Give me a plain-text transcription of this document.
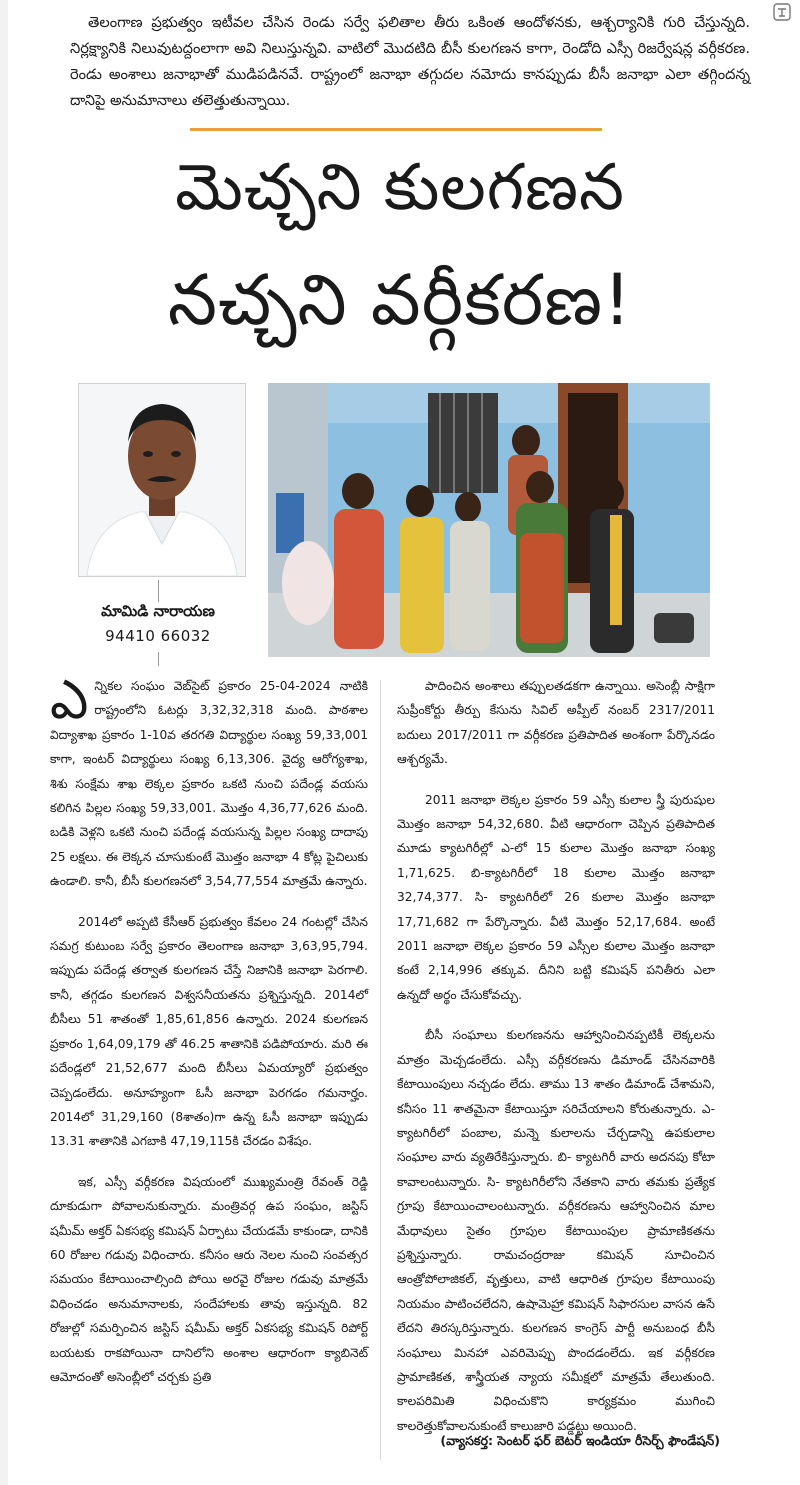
తెలంగాణ ప్రభుత్వం ఇటీవల చేసిన రెండు సర్వే ఫలితాల తీరు ఒకింత ఆందోళనకు, ఆశ్చర్యానికి గురి చేస్తున్నది. నిర్లక్ష్యానికి నిలువుటద్దంలాగా అవి నిలుస్తున్నవి. వాటిలో మొదటిది బీసీ కులగణన కాగా, రెండోది ఎస్సీ రిజర్వేషన్ల వర్గీకరణ. రెండు అంశాలు జనాభాతో ముడిపడినవే. రాష్ట్రంలో జనాభా తగ్గుదల నమోదు కానప్పుడు బీసీ జనాభా ఎలా తగ్గిందన్న దానిపై అనుమానాలు తలెత్తుతున్నాయి.

మెచ్చని కులగణన
నచ్చని వర్గీకరణ!

మామిడి నారాయణ

94410 66032

ఎన్నికల సంఘం వెబ్‌సైట్ ప్రకారం 25-04-2024 నాటికి రాష్ట్రంలోని ఓటర్లు 3,32,32,318 మంది. పాఠశాల విద్యాశాఖ ప్రకారం 1-10వ తరగతి విద్యార్థుల సంఖ్య 59,33,001 కాగా, ఇంటర్ విద్యార్థులు సంఖ్య 6,13,306. వైద్య ఆరోగ్యశాఖ, శిశు సంక్షేమ శాఖ లెక్కల ప్రకారం ఒకటి నుంచి పదేండ్ల వయసు కలిగిన పిల్లల సంఖ్య 59,33,001. మొత్తం 4,36,77,626 మంది. బడికి వెళ్లని ఒకటి నుంచి పదేండ్ల వయసున్న పిల్లల సంఖ్య దాదాపు 25 లక్షలు. ఈ లెక్కన చూసుకుంటే మొత్తం జనాభా 4 కోట్ల పైచిలుకు ఉండాలి. కానీ, బీసీ కులగణనలో 3,54,77,554 మాత్రమే ఉన్నారు.

2014లో అప్పటి కేసీఆర్ ప్రభుత్వం కేవలం 24 గంటల్లో చేసిన సమగ్ర కుటుంబ సర్వే ప్రకారం తెలంగాణ జనాభా 3,63,95,794. ఇప్పుడు పదేండ్ల తర్వాత కులగణన చేస్తే నిజానికి జనాభా పెరగాలి. కానీ, తగ్గడం కులగణన విశ్వసనీయతను ప్రశ్నిస్తున్నది. 2014లో బీసీలు 51 శాతంతో 1,85,61,856 ఉన్నారు. 2024 కులగణన ప్రకారం 1,64,09,179 తో 46.25 శాతానికి పడిపోయారు. మరి ఈ పదేండ్లలో 21,52,677 మంది బీసీలు ఏమయ్యారో ప్రభుత్వం చెప్పడంలేదు. అనూహ్యంగా ఓసీ జనాభా పెరగడం గమనార్హం. 2014లో 31,29,160 (8శాతం)గా ఉన్న ఓసీ జనాభా ఇప్పుడు 13.31 శాతానికి ఎగబాకి 47,19,115కి చేరడం విశేషం.

ఇక, ఎస్సీ వర్గీకరణ విషయంలో ముఖ్యమంత్రి రేవంత్ రెడ్డి దూకుడుగా పోవాలనుకున్నారు. మంత్రివర్గ ఉప సంఘం, జస్టిస్ షమీమ్ అక్తర్ ఏకసభ్య కమిషన్ ఏర్పాటు చేయడమే కాకుండా, దానికి 60 రోజుల గడువు విధించారు. కనీసం ఆరు నెలల నుంచి సంవత్సర సమయం కేటాయించాల్సింది పోయి అరవై రోజుల గడువు మాత్రమే విధించడం అనుమానాలకు, సందేహాలకు తావు ఇస్తున్నది. 82 రోజుల్లో సమర్పించిన జస్టిస్ షమీమ్ అక్తర్ ఏకసభ్య కమిషన్ రిపోర్ట్ బయటకు రాకపోయినా దానిలోని అంశాల ఆధారంగా క్యాబినెట్ ఆమోదంతో అసెంబ్లీలో చర్చకు ప్రతి

పాదించిన అంశాలు తప్పులతడకగా ఉన్నాయి. అసెంబ్లీ సాక్షిగా సుప్రీంకోర్టు తీర్పు కేసును సివిల్ అప్పీల్ నంబర్ 2317/2011 బదులు 2017/2011 గా వర్గీకరణ ప్రతిపాదిత అంశంగా పేర్కొనడం ఆశ్చర్యమే.

2011 జనాభా లెక్కల ప్రకారం 59 ఎస్సీ కులాల స్త్రీ పురుషుల మొత్తం జనాభా 54,32,680. వీటి ఆధారంగా చెప్పిన ప్రతిపాదిత మూడు క్యాటగిరీల్లో ఎ-లో 15 కులాల మొత్తం జనాభా సంఖ్య 1,71,625. బి-క్యాటగిరీలో 18 కులాల మొత్తం జనాభా 32,74,377. సి- క్యాటగిరీలో 26 కులాల మొత్తం జనాభా 17,71,682 గా పేర్కొన్నారు. వీటి మొత్తం 52,17,684. అంటే 2011 జనాభా లెక్కల ప్రకారం 59 ఎస్సీల కులాల మొత్తం జనాభా కంటే 2,14,996 తక్కువ. దీనిని బట్టి కమిషన్ పనితీరు ఎలా ఉన్నదో అర్థం చేసుకోవచ్చు.

బీసీ సంఘాలు కులగణనను ఆహ్వానించినప్పటికీ లెక్కలను మాత్రం మెచ్చడంలేదు. ఎస్సీ వర్గీకరణను డిమాండ్ చేసినవారికి కేటాయింపులు నచ్చడం లేదు. తాము 13 శాతం డిమాండ్ చేశామని, కనీసం 11 శాతమైనా కేటాయిస్తూ సరిచేయాలని కోరుతున్నారు. ఎ- క్యాటగిరీలో పంబాల, మన్నె కులాలను చేర్చడాన్ని ఉపకులాల సంఘాల వారు వ్యతిరేకిస్తున్నారు. బి- క్యాటగిరీ వారు అదనపు కోటా కావాలంటున్నారు. సి- క్యాటగిరీలోని నేతకాని వారు తమకు ప్రత్యేక గ్రూపు కేటాయించాలంటున్నారు. వర్గీకరణను ఆహ్వానించిన మాల మేధావులు సైతం గ్రూపుల కేటాయింపుల ప్రామాణికతను ప్రశ్నిస్తున్నారు. రామచంద్రరాజు కమిషన్ సూచించిన ఆంత్రోపోలాజికల్, వృత్తులు, వాటి ఆధారిత గ్రూపుల కేటాయింపు నియమం పాటించలేదని, ఉషామెహ్రా కమిషన్ సిఫారసుల వాసన ఉసే లేదని తిరస్కరిస్తున్నారు. కులగణన కాంగ్రెస్ పార్టీ అనుబంధ బీసీ సంఘాలు మినహా ఎవరిమెప్పు పొందడంలేదు. ఇక వర్గీకరణ ప్రామాణికత, శాస్త్రీయత న్యాయ సమీక్షలో మాత్రమే తేలుతుంది. కాలపరిమితి విధించుకొని కార్యక్రమం ముగించి కాలరెత్తుకోవాలనుకుంటే కాలుజారి పడ్డట్టు అయింది.

(వ్యాసకర్త: సెంటర్ ఫర్ బెటర్ ఇండియా రీసెర్చ్ ఫౌండేషన్)
